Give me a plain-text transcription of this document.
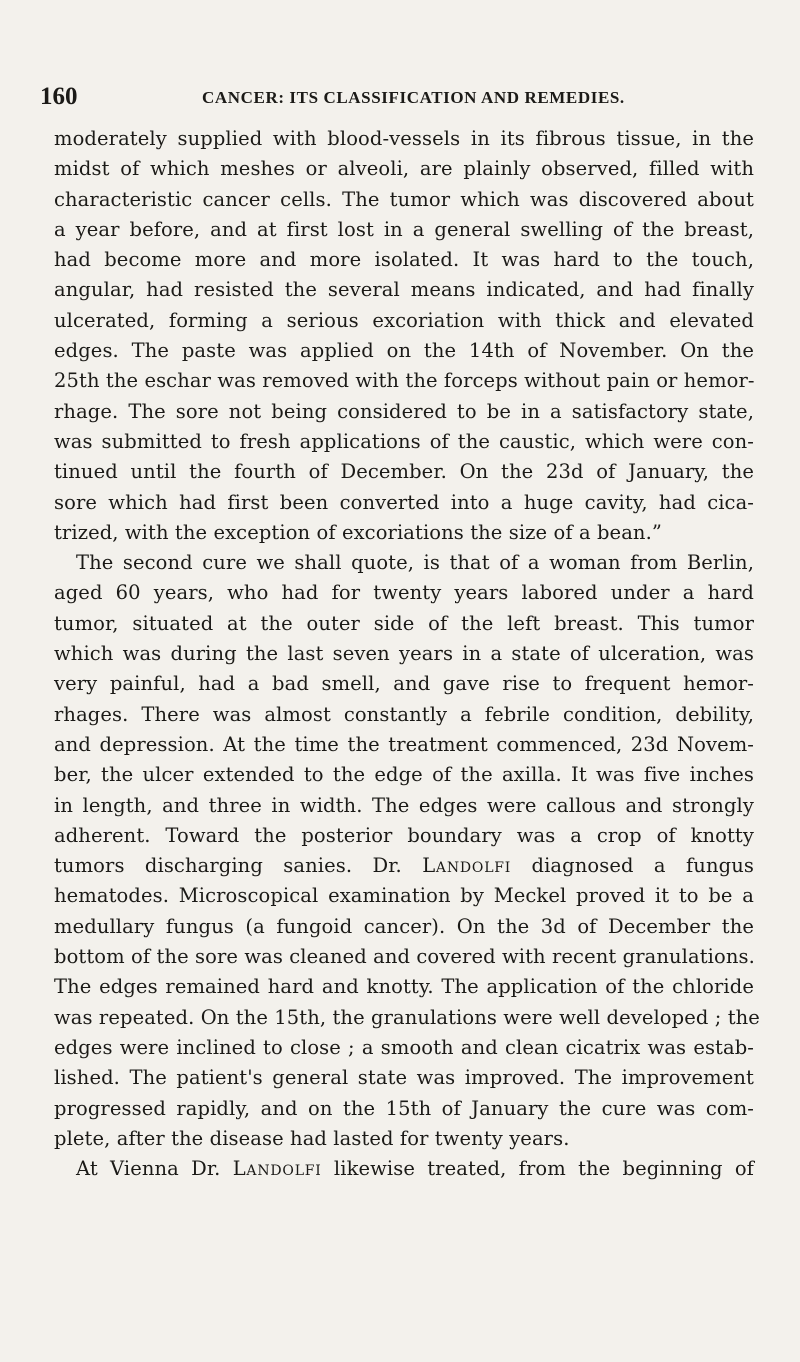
160	CANCER: ITS CLASSIFICATION AND REMEDIES.
moderately supplied with blood-vessels in its fibrous tissue, in the
midst of which meshes or alveoli, are plainly observed, filled with
characteristic cancer cells. The tumor which was discovered about
a year before, and at first lost in a general swelling of the breast,
had become more and more isolated. It was hard to the touch,
angular, had resisted the several means indicated, and had finally
ulcerated, forming a serious excoriation with thick and elevated
edges. The paste was applied on the 14th of November. On the
25th the eschar was removed with the forceps without pain or hemor-
rhage. The sore not being considered to be in a satisfactory state,
was submitted to fresh applications of the caustic, which were con-
tinued until the fourth of December. On the 23d of January, the
sore which had first been converted into a huge cavity, had cica-
trized, with the exception of excoriations the size of a bean.”
The second cure we shall quote, is that of a woman from Berlin,
aged 60 years, who had for twenty years labored under a hard
tumor, situated at the outer side of the left breast. This tumor
which was during the last seven years in a state of ulceration, was
very painful, had a bad smell, and gave rise to frequent hemor-
rhages. There was almost constantly a febrile condition, debility,
and depression. At the time the treatment commenced, 23d Novem-
ber, the ulcer extended to the edge of the axilla. It was five inches
in length, and three in width. The edges were callous and strongly
adherent. Toward the posterior boundary was a crop of knotty
tumors discharging sanies. Dr. Landolfi diagnosed a fungus
hematodes. Microscopical examination by Meckel proved it to be a
medullary fungus (a fungoid cancer). On the 3d of December the
bottom of the sore was cleaned and covered with recent granulations.
The edges remained hard and knotty. The application of the chloride
was repeated. On the 15th, the granulations were well developed ; the
edges were inclined to close ; a smooth and clean cicatrix was estab-
lished. The patient's general state was improved. The improvement
progressed rapidly, and on the 15th of January the cure was com-
plete, after the disease had lasted for twenty years.
At Vienna Dr. Landolfi likewise treated, from the beginning of
